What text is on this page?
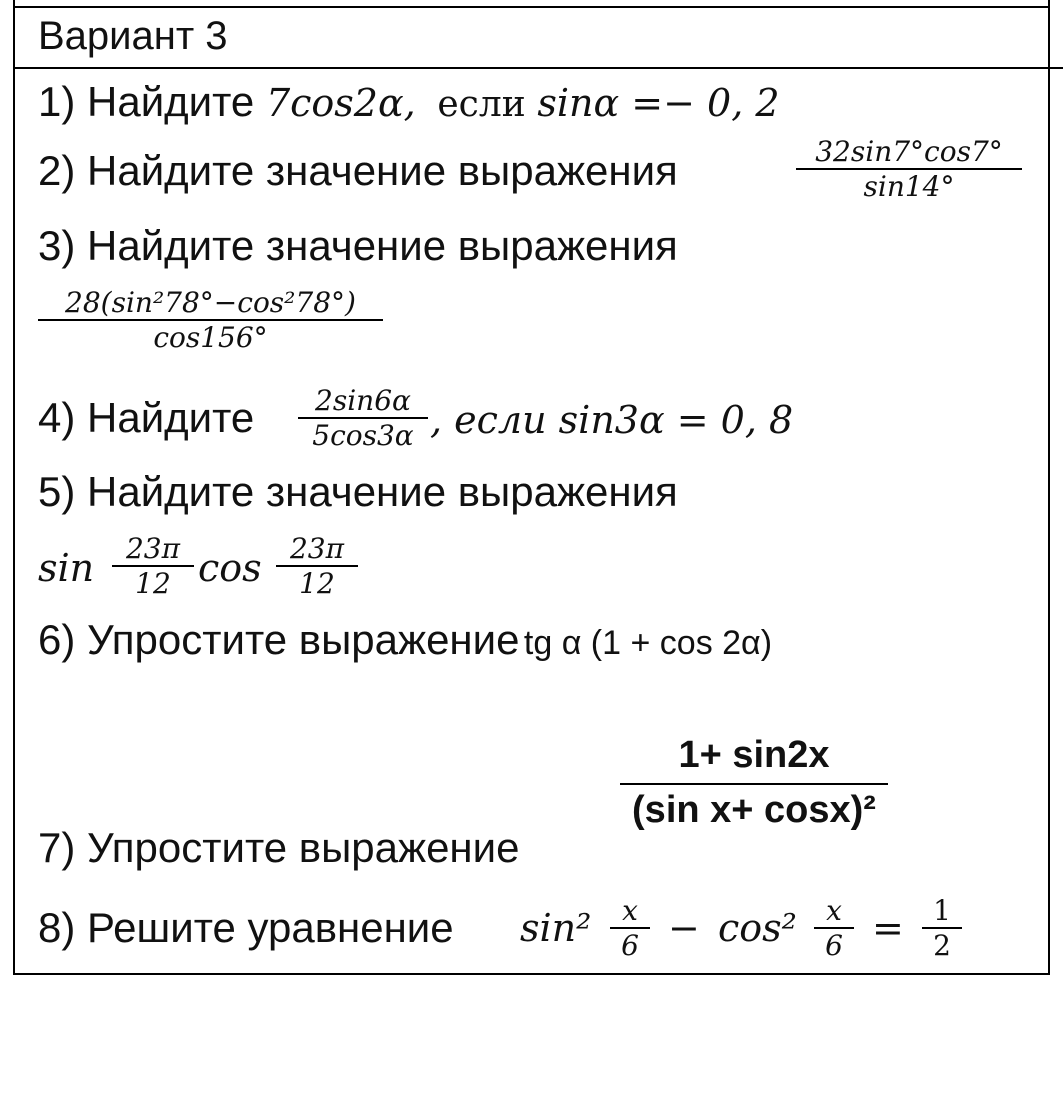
Вариант 3
1) Найдите 7cos2α, если sinα =− 0, 2
2) Найдите значение выражения	32sin7°cos7°
sin14°
3) Найдите значение выражения
28(sin²78°−cos²78°)
cos156°
4) Найдите	2sin6α
5cos3α , если sin3α = 0, 8
5) Найдите значение выражения
sin	23π
12 cos	23π
12
6) Упростите выражение tg α (1 + cos 2α)
7) Упростите выражение
1+ sin2x
(sin x+ cosx)²
8) Решите уравнение sin²	x
6 − cos²	x
6 =	1
2
